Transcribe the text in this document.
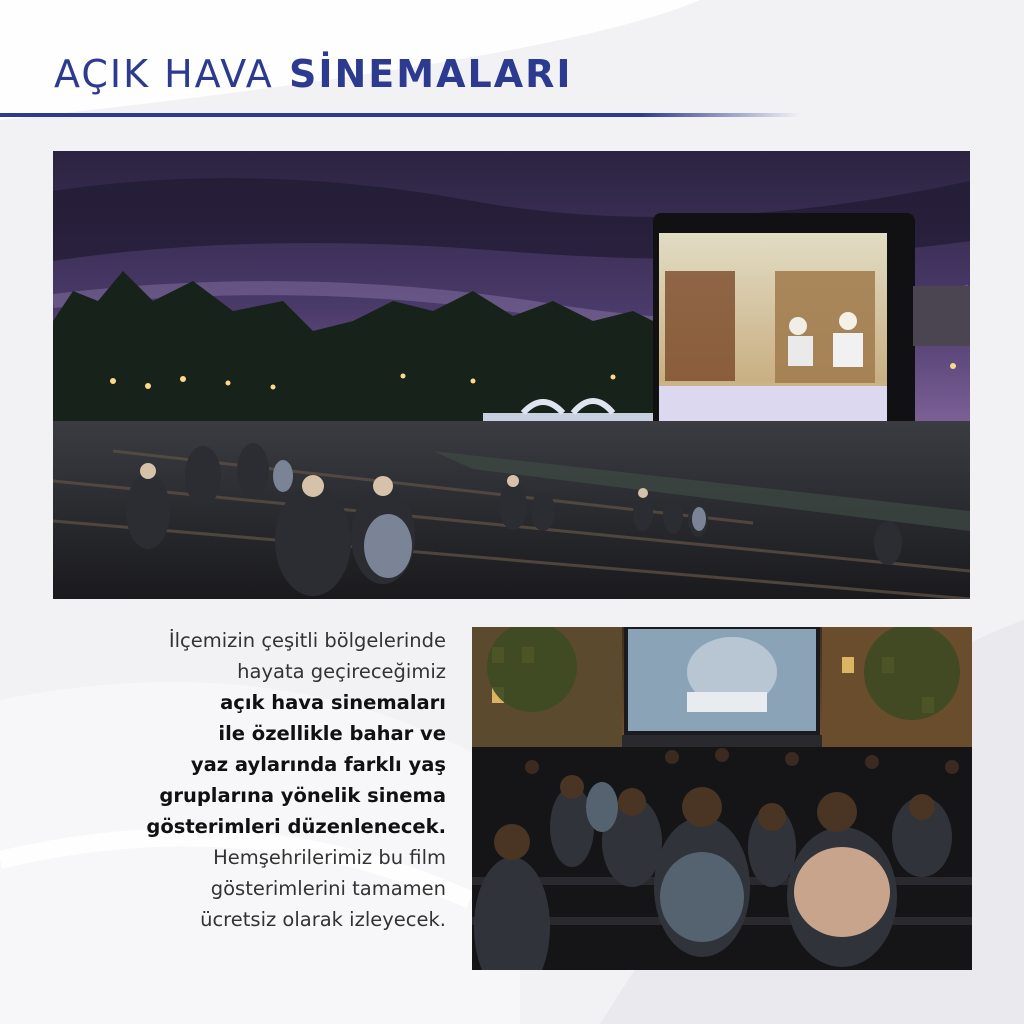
AÇIK HAVA SİNEMALARI
İlçemizin çeşitli bölgelerinde
hayata geçireceğimiz
açık hava sinemaları
ile özellikle bahar ve
yaz aylarında farklı yaş
gruplarına yönelik sinema
gösterimleri düzenlenecek.
Hemşehrilerimiz bu film
gösterimlerini tamamen
ücretsiz olarak izleyecek.
